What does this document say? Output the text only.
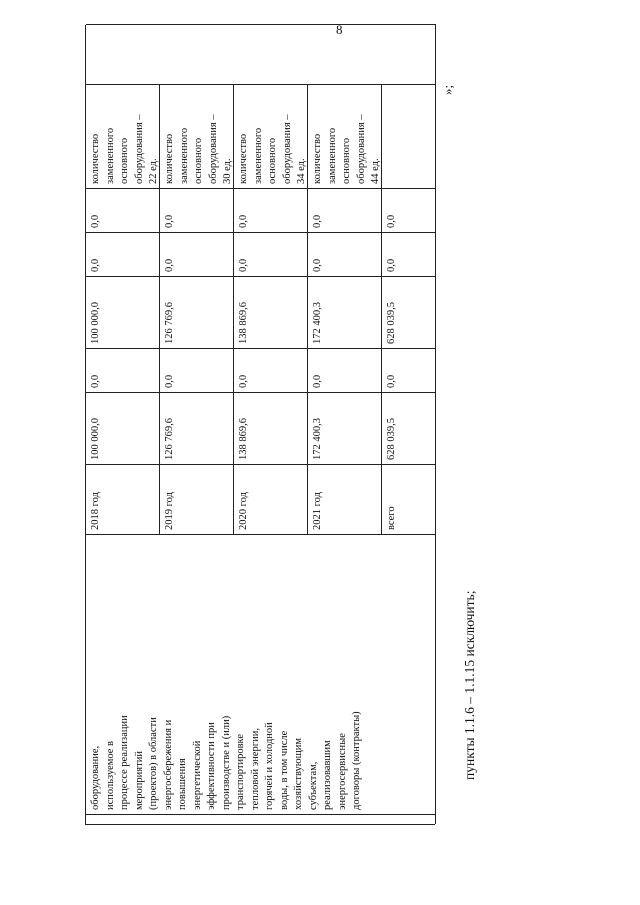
8
оборудование, используемое в процессе реализации мероприятий (проектов) в области энергосбережения и повышения энергетической эффективности при производстве и (или) транспортировке тепловой энергии, горячей и холодной воды, в том числе хозяйствующим субъектам, реализовавшим энергосервисные договоры (контракты)
2018 год
100 000,0
0,0
100 000,0
0,0
0,0
количество замененного основного оборудования – 22 ед.
2019 год
126 769,6
0,0
126 769,6
0,0
0,0
количество замененного основного оборудования – 30 ед.
2020 год
138 869,6
0,0
138 869,6
0,0
0,0
количество замененного основного оборудования – 34 ед.
2021 год
172 400,3
0,0
172 400,3
0,0
0,0
количество замененного основного оборудования – 44 ед.
всего
628 039,5
0,0
628 039,5
0,0
0,0
»;
пункты 1.1.6 – 1.1.15 исключить;
